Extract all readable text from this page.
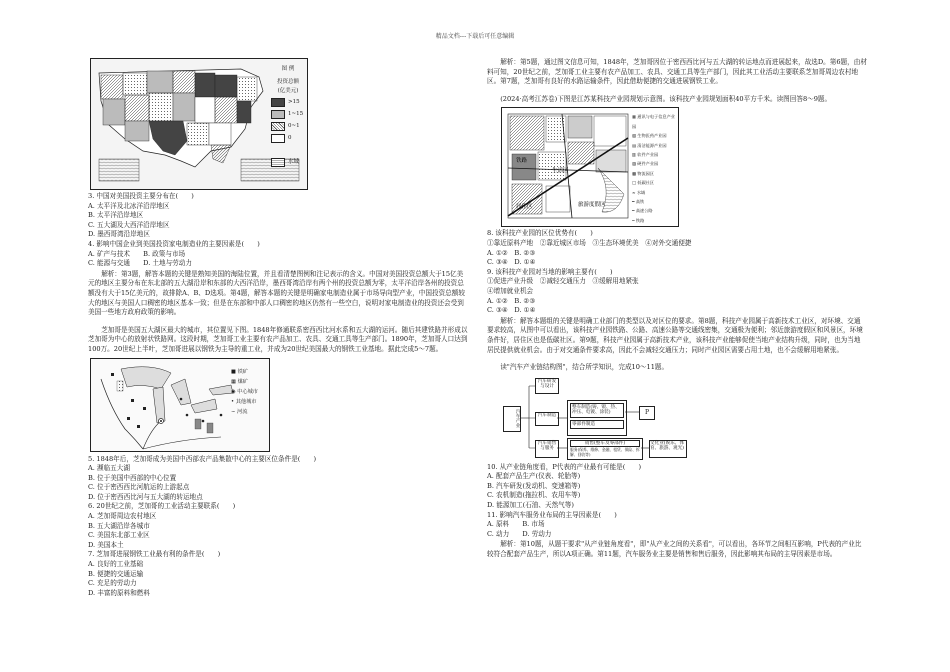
精品文档---下载后可任意编辑
图 例
投资总额
(亿美元)
>15
1~15
0~1
0
水域
3. 中国对美国投资主要分布在(　　)
A. 太平洋及北冰洋沿岸地区
B. 太平洋沿岸地区
C. 五大湖及大西洋沿岸地区
D. 墨西哥湾沿岸地区
4. 影响中国企业到美国投资家电制造业的主要因素是(　　)
A. 矿产与技术　　B. 政策与市场
C. 能源与交通　　D. 土地与劳动力

解析：第3题，解答本题的关键是熟知美国的海陆位置，并且看清楚图例和注记表示的含义。中国对美国投资总额大于15亿美元的地区主要分布在东北部的五大湖沿岸和东部的大西洋沿岸，墨西哥湾沿岸有两个州的投资总额为零，太平洋沿岸各州的投资总额没有大于15亿美元的，故排除A、B、D选项。第4题，解答本题的关键是明确家电制造业属于市场导向型产业，中国投资总额较大的地区与美国人口稠密的地区基本一致；但是在东部和中部人口稠密的地区仍然有一些空白，说明对家电制造业的投资还会受到美国一些地方政府政策的影响。

芝加哥是美国五大湖区最大的城市，其位置见下图。1848年修通联系密西西比河水系和五大湖的运河。随后其建铁路并形成以芝加哥为中心的放射状铁路网。这段时期，芝加哥工业主要有农产品加工、农具、交通工具等生产部门。1890年，芝加哥人口达到100万。20世纪上半叶，芝加哥进展以钢铁为主导的重工业，并成为20世纪美国最大的钢铁工业基地。据此完成5～7题。

■ 铁矿
▦ 煤矿
◉ 中心城市
• 其他城市
∼ 河流
5. 1848年后，芝加哥成为美国中西部农产品集散中心的主要区位条件是(　　)
A. 濒临五大湖
B. 位于美国中西部的中心位置
C. 位于密西西比河航运的上游起点
D. 位于密西西比河与五大湖的转运地点
6. 20世纪之前，芝加哥的工业活动主要联系(　　)
A. 芝加哥周边农村地区
B. 五大湖沿岸各城市
C. 美国东北部工业区
D. 美国本土
7. 芝加哥进展钢铁工业最有利的条件是(　　)
A. 良好的工业基础
B. 便捷的交通运输
C. 充足的劳动力
D. 丰富的原料和燃料

解析：第5题，通过图文信息可知，1848年，芝加哥因位于密西西比河与五大湖的转运地点而进展起来，故选D。第6题，由材料可知，20世纪之前，芝加哥工业主要有农产品加工、农具、交通工具等生产部门，因此其工业活动主要联系芝加哥周边农村地区。第7题，芝加哥有良好的水路运输条件，因此借助便捷的交通进展钢铁工业。

(2024·高考江苏卷)下图是江苏某科技产业园规划示意图。该科技产业园规划面积40平方千米。读图回答8～9题。

旅游度假区
居住区
生活区
铁路
▦ 通讯与电子信息产业园
▧ 生物医药产业园
▤ 清洁能源产业园
▥ 软件产业园
▨ 硬件产业园
▩ 物流园区
□ 低碳社区
≈ 水域
━ 高铁
═ 高速公路
┅ 铁路
8. 该科技产业园的区位优势有(　　)
①靠近原料产地　②靠近城区市场　③生态环境优美　④对外交通便捷
A. ①②　B. ②③
C. ③④　D. ①④
9. 该科技产业园对当地的影响主要有(　　)
①促进产业升级　②减轻交通压力　③缓解用地紧张
④增加就业机会
A. ①②　B. ②③
C. ③④　D. ①④

解析：解答本题组的关键是明确工业部门的类型以及对区位的要求。第8题，科技产业园属于高新技术工业区，对环境、交通要求较高，从图中可以看出，该科技产业园铁路、公路、高速公路等交通线密集，交通极为便利；邻近旅游度假区和风景区，环境条件好，居住区也是低碳社区。第9题，科技产业园属于高新技术产业，该科技产业能够促使当地产业结构升级，同时，也为当地居民提供就业机会。由于对交通条件要求高，因此不会减轻交通压力；同时产业园区需要占用土地，也不会缓解用地紧张。

读"汽车产业链结构图"，结合所学知识，完成10～11题。

汽车产业
汽车研发与设计
汽车制造
汽车销售与服务
整车制造(铸、锻、热、冲压、电镀、涂装)
零部件制造
P
销售(整车及零部件)
服务(保养、维修、金融、租赁、保险、拆解、回收等)
文化业(娱乐、体育、旅游、观光)
10. 从产业链角度看，P代表的产业最有可能是(　　)
A. 配套产品生产(仪表、轮胎等)
B. 汽车研发(发动机、变速箱等)
C. 农机制造(拖拉机、农用车等)
D. 能源加工(石油、天然气等)
11. 影响汽车服务业布局的主导因素是(　　)
A. 原料　　B. 市场
C. 动力　　D. 劳动力

解析：第10题，从题干要求"从产业链角度看"，即"从产业之间的关系看"，可以看出，各环节之间相互影响，P代表的产业比较符合配套产品生产，所以A项正确。第11题，汽车服务业主要是销售和售后服务，因此影响其布局的主导因素是市场。
